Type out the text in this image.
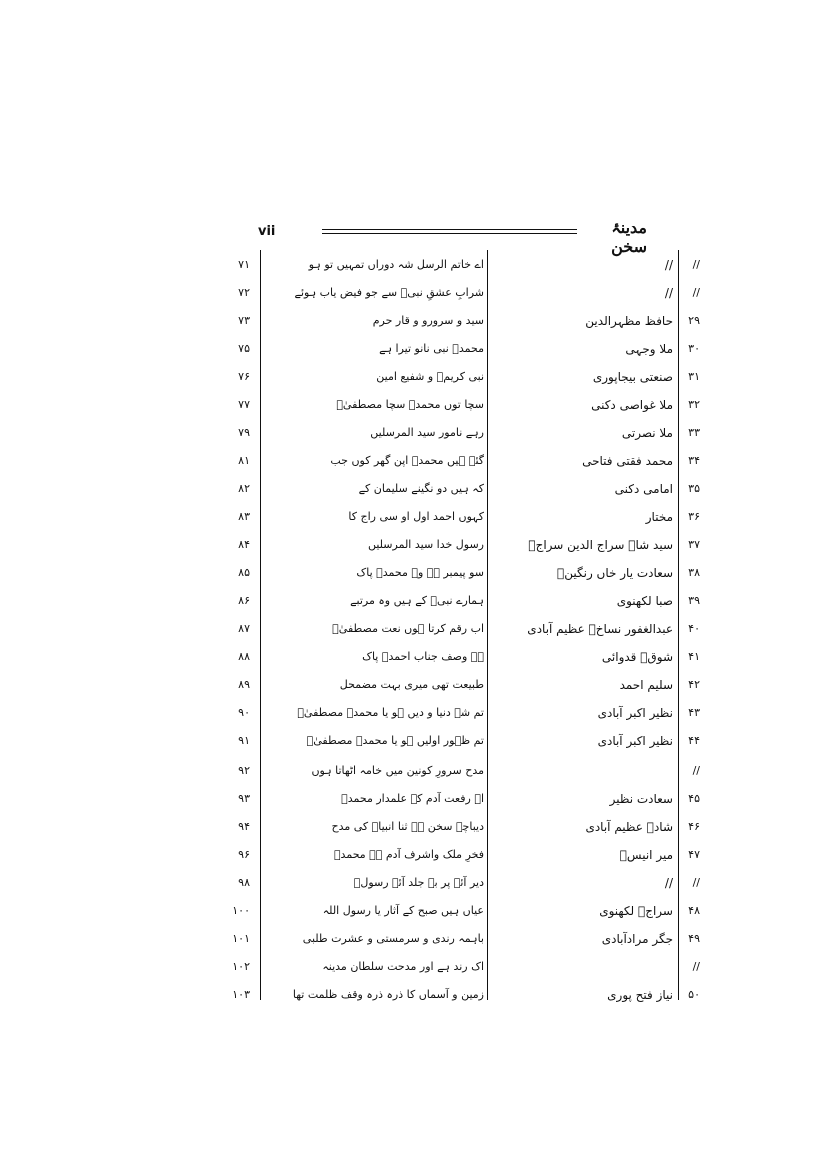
vii	مدینۂ سخن
//
//
اے خاتم الرسل شہ دوراں تمہیں تو ہو
۷۱
//
//
شرابِ عشقِ نبیؐ سے جو فیض یاب ہوئے
۷۲
۲۹
حافظ مظہرالدین
سید و سرورو و قار حرم
۷۳
۳۰
ملا وجہی
محمدؐ نبی نانو تیرا ہے
۷۵
۳۱
صنعتی بیجاپوری
نبی کریمؐ و شفیع امین
۷۶
۳۲
ملا غواصی دکنی
سچا توں محمدؐ سچا مصطفیٰؐ
۷۷
۳۳
ملا نصرتی
رہے نامور سید المرسلیں
۷۹
۳۴
محمد فقتی فتاحی
گئے ہیں محمدؐ اپن گھر کوں جب
۸۱
۳۵
امامی دکنی
کہ ہیں دو نگینے سلیمان کے
۸۲
۳۶
مختار
کہوں احمد اول او سی راج کا
۸۳
۳۷
سید شاہ سراج الدین سراجؔ
رسول خدا سید المرسلیں
۸۴
۳۸
سعادت یار خاں رنگینؔ
سو پیمبر ہے وہ محمدؐ پاک
۸۵
۳۹
صبا لکھنوی
ہمارے نبیؐ کے ہیں وہ مرتبے
۸۶
۴۰
عبدالغفور نساخؔ عظیم آبادی
اب رقم کرتا ہوں نعت مصطفیٰؐ
۸۷
۴۱
شوقؔ قدوائی
ہے وصف جناب احمدؐ پاک
۸۸
۴۲
سلیم احمد
طبیعت تھی میری بہت مضمحل
۸۹
۴۳
نظیر اکبر آبادی
تم شہ دنیا و دیں ہو یا محمدؐ مصطفیٰؐ
۹۰
۴۴
نظیر اکبر آبادی
تم ظہور اولیں ہو یا محمدؐ مصطفیٰؐ
۹۱
//
مدح سرورِ کونین میں خامہ اٹھاتا ہوں
۹۲
۴۵
سعادت نظیر
اے رفعت آدم کے علمدار محمدؐ
۹۳
۴۶
شادؔ عظیم آبادی
دیباچۂ سخن ہے ثنا انبیاؑ کی مدح
۹۴
۴۷
میر انیسؔ
فخرِ ملک واشرف آدم ہے محمدؐ
۹۶
//
//
دیر آئے پر بہ جلد آئے رسولؐ
۹۸
۴۸
سراجؔ لکھنوی
عیاں ہیں صبح کے آثار یا رسول اللہ
۱۰۰
۴۹
جگر مرادآبادی
باہمہ رندی و سرمستی و عشرت طلبی
۱۰۱
//
اک رند ہے اور مدحت سلطان مدینہ
۱۰۲
۵۰
نیاز فتح پوری
زمین و آسماں کا ذرہ ذرہ وقف ظلمت تھا
۱۰۳
